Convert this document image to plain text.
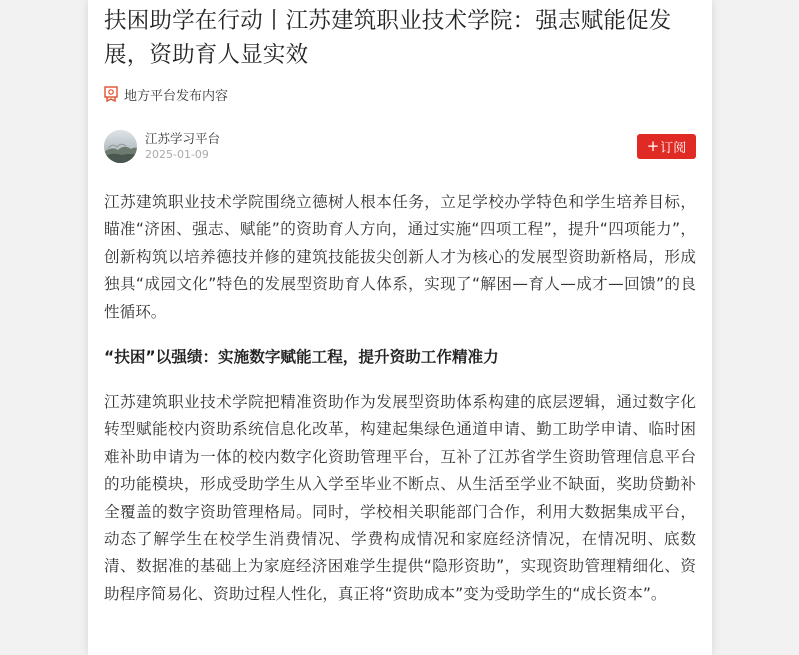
扶困助学在行动丨江苏建筑职业技术学院：强志赋能促发展，资助育人显实效
地方平台发布内容
江苏学习平台
2025-01-09	+ 订阅

江苏建筑职业技术学院围绕立德树人根本任务，立足学校办学特色和学生培养目标，瞄准“济困、强志、赋能”的资助育人方向，通过实施“四项工程”，提升“四项能力”，创新构筑以培养德技并修的建筑技能拔尖创新人才为核心的发展型资助新格局，形成独具“成园文化”特色的发展型资助育人体系，实现了“解困—育人—成才—回馈”的良性循环。

“扶困”以强绩：实施数字赋能工程，提升资助工作精准力

江苏建筑职业技术学院把精准资助作为发展型资助体系构建的底层逻辑，通过数字化转型赋能校内资助系统信息化改革，构建起集绿色通道申请、勤工助学申请、临时困难补助申请为一体的校内数字化资助管理平台，互补了江苏省学生资助管理信息平台的功能模块，形成受助学生从入学至毕业不断点、从生活至学业不缺面，奖助贷勤补全覆盖的数字资助管理格局。同时，学校相关职能部门合作，利用大数据集成平台，动态了解学生在校学生消费情况、学费构成情况和家庭经济情况，在情况明、底数清、数据准的基础上为家庭经济困难学生提供“隐形资助”，实现资助管理精细化、资助程序简易化、资助过程人性化，真正将“资助成本”变为受助学生的“成长资本”。
